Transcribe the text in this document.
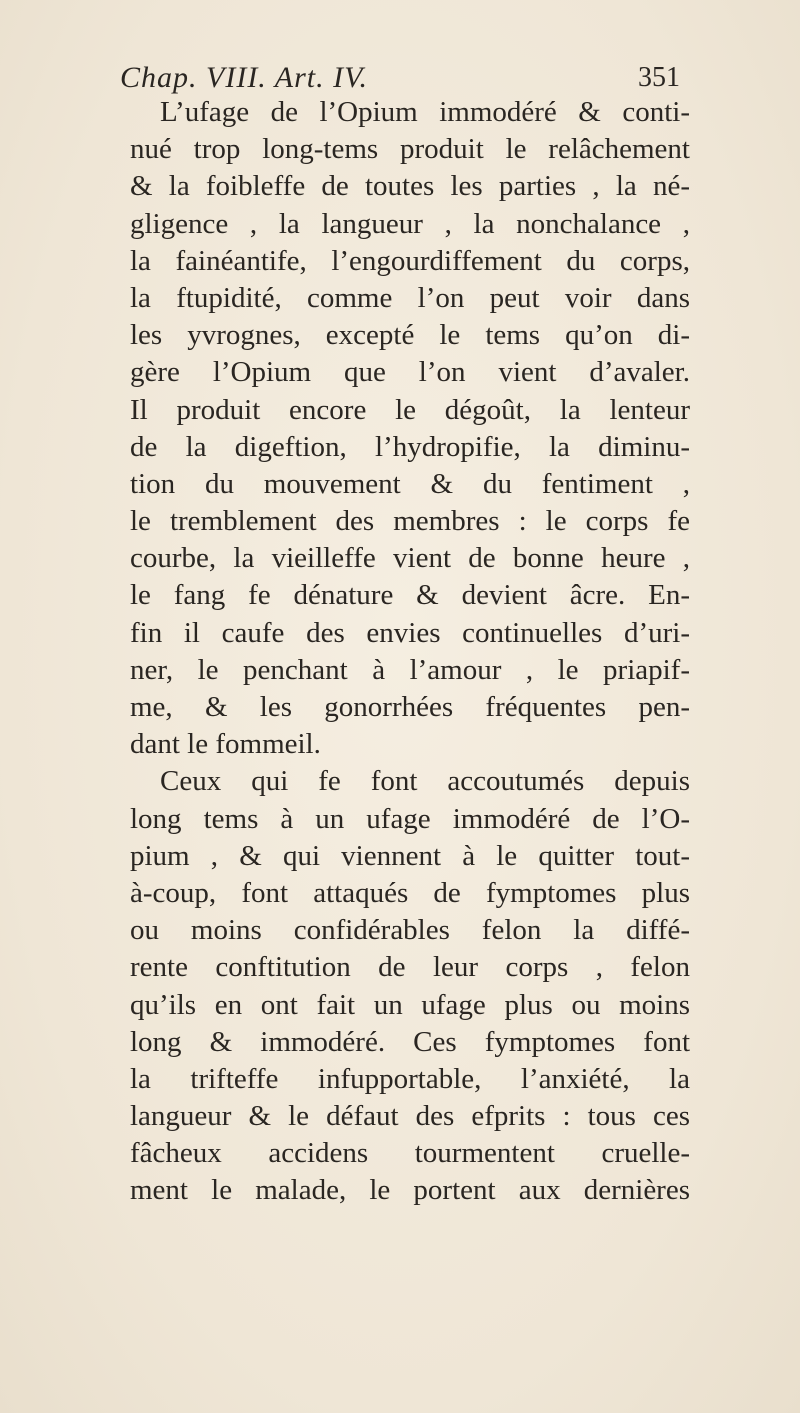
Chap. VIII. Art. IV.	351
L’ufage de l’Opium immodéré & conti-
nué trop long-tems produit le relâchement
& la foibleffe de toutes les parties , la né-
gligence , la langueur , la nonchalance ,
la fainéantife, l’engourdiffement du corps,
la ftupidité, comme l’on peut voir dans
les yvrognes, excepté le tems qu’on di-
gère l’Opium que l’on vient d’avaler.
Il produit encore le dégoût, la lenteur
de la digeftion, l’hydropifie, la diminu-
tion du mouvement & du fentiment ,
le tremblement des membres : le corps fe
courbe, la vieilleffe vient de bonne heure ,
le fang fe dénature & devient âcre. En-
fin il caufe des envies continuelles d’uri-
ner, le penchant à l’amour , le priapif-
me, & les gonorrhées fréquentes pen-
dant le fommeil.
Ceux qui fe font accoutumés depuis
long tems à un ufage immodéré de l’O-
pium , & qui viennent à le quitter tout-
à-coup, font attaqués de fymptomes plus
ou moins confidérables felon la diffé-
rente conftitution de leur corps , felon
qu’ils en ont fait un ufage plus ou moins
long & immodéré. Ces fymptomes font
la trifteffe infupportable, l’anxiété, la
langueur & le défaut des efprits : tous ces
fâcheux accidens tourmentent cruelle-
ment le malade, le portent aux dernières
